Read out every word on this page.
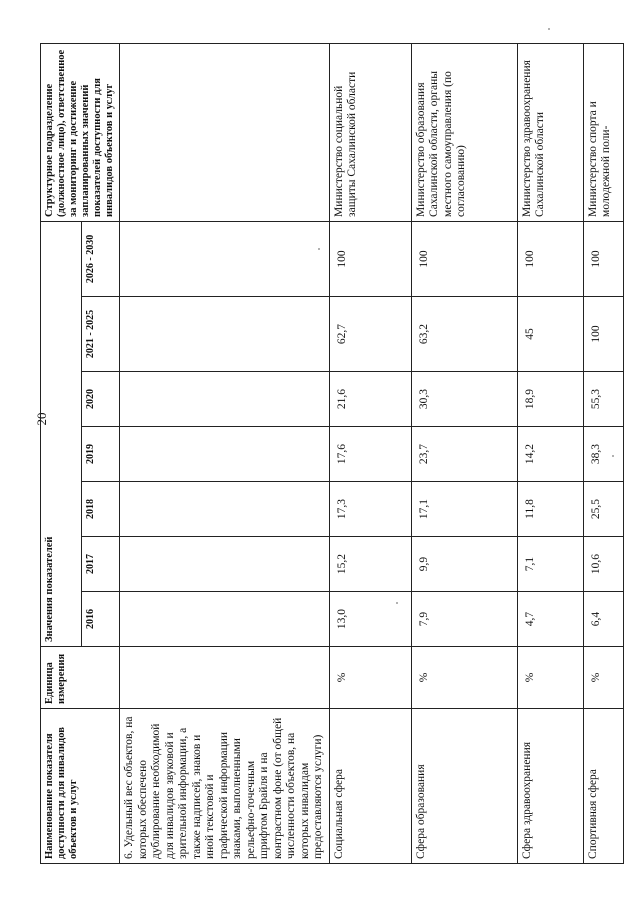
20
Наименование показателя доступности для инвалидов объектов и услуг	Единица измерения	Значения показателей							Структурное подразделение (должностное лицо), ответственное за мониторинг и достижение запланированных значений показателей доступности для инвалидов объектов и услуг
		2016	2017	2018	2019	2020	2021 - 2025	2026 - 2030	
6. Удельный вес объектов, на которых обеспечено дублирование необходимой для инвалидов звуковой и зрительной информации, а также надписей, знаков и иной текстовой и графической информации знаками, выполненными рельефно-точечным шрифтом Брайля и на контрастном фоне (от общей численности объектов, на которых инвалидам предоставляются услуги)									
Социальная сфера	%	13,0	15,2	17,3	17,6	21,6	62,7	100	Министерство социальной защиты Сахалинской области
Сфера образования	%	7,9	9,9	17,1	23,7	30,3	63,2	100	Министерство образования Сахалинской области, органы местного самоуправления (по согласованию)
Сфера здравоохранения	%	4,7	7,1	11,8	14,2	18,9	45	100	Министерство здравоохранения Сахалинской области
Спортивная сфера	%	6,4	10,6	25,5	38,3	55,3	100	100	Министерство спорта и молодежной поли-
